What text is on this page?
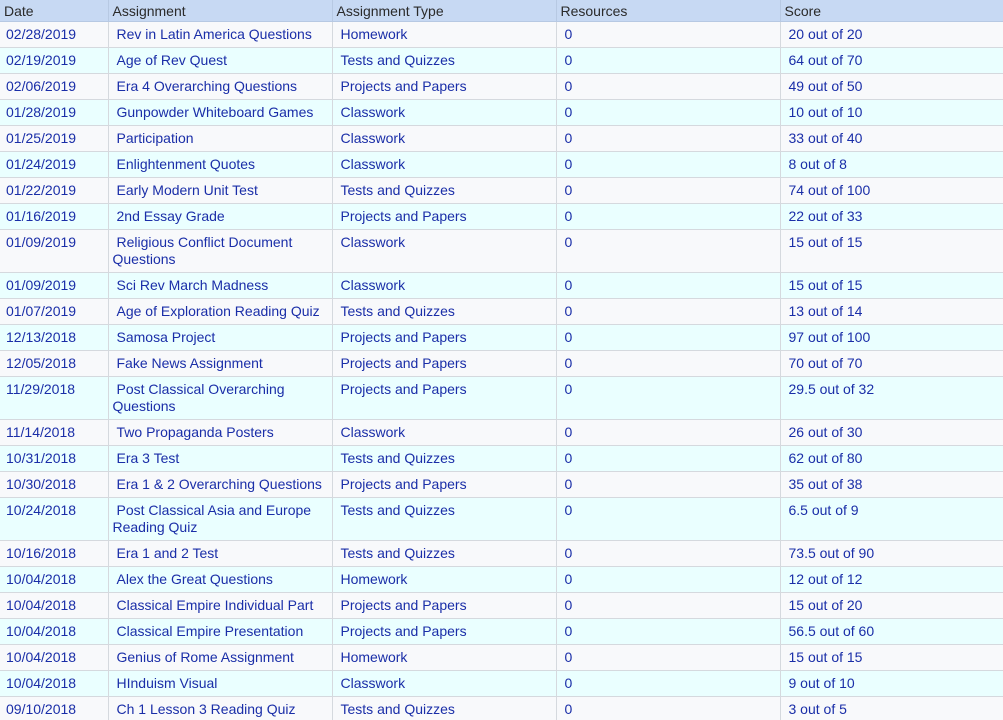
Date	Assignment	Assignment Type	Resources	Score
02/28/2019	Rev in Latin America Questions	Homework	0	20 out of 20
02/19/2019	Age of Rev Quest	Tests and Quizzes	0	64 out of 70
02/06/2019	Era 4 Overarching Questions	Projects and Papers	0	49 out of 50
01/28/2019	Gunpowder Whiteboard Games	Classwork	0	10 out of 10
01/25/2019	Participation	Classwork	0	33 out of 40
01/24/2019	Enlightenment Quotes	Classwork	0	8 out of 8
01/22/2019	Early Modern Unit Test	Tests and Quizzes	0	74 out of 100
01/16/2019	2nd Essay Grade	Projects and Papers	0	22 out of 33
01/09/2019	Religious Conflict Document Questions	Classwork	0	15 out of 15
01/09/2019	Sci Rev March Madness	Classwork	0	15 out of 15
01/07/2019	Age of Exploration Reading Quiz	Tests and Quizzes	0	13 out of 14
12/13/2018	Samosa Project	Projects and Papers	0	97 out of 100
12/05/2018	Fake News Assignment	Projects and Papers	0	70 out of 70
11/29/2018	Post Classical Overarching Questions	Projects and Papers	0	29.5 out of 32
11/14/2018	Two Propaganda Posters	Classwork	0	26 out of 30
10/31/2018	Era 3 Test	Tests and Quizzes	0	62 out of 80
10/30/2018	Era 1 & 2 Overarching Questions	Projects and Papers	0	35 out of 38
10/24/2018	Post Classical Asia and Europe Reading Quiz	Tests and Quizzes	0	6.5 out of 9
10/16/2018	Era 1 and 2 Test	Tests and Quizzes	0	73.5 out of 90
10/04/2018	Alex the Great Questions	Homework	0	12 out of 12
10/04/2018	Classical Empire Individual Part	Projects and Papers	0	15 out of 20
10/04/2018	Classical Empire Presentation	Projects and Papers	0	56.5 out of 60
10/04/2018	Genius of Rome Assignment	Homework	0	15 out of 15
10/04/2018	HInduism Visual	Classwork	0	9 out of 10
09/10/2018	Ch 1 Lesson 3 Reading Quiz	Tests and Quizzes	0	3 out of 5
